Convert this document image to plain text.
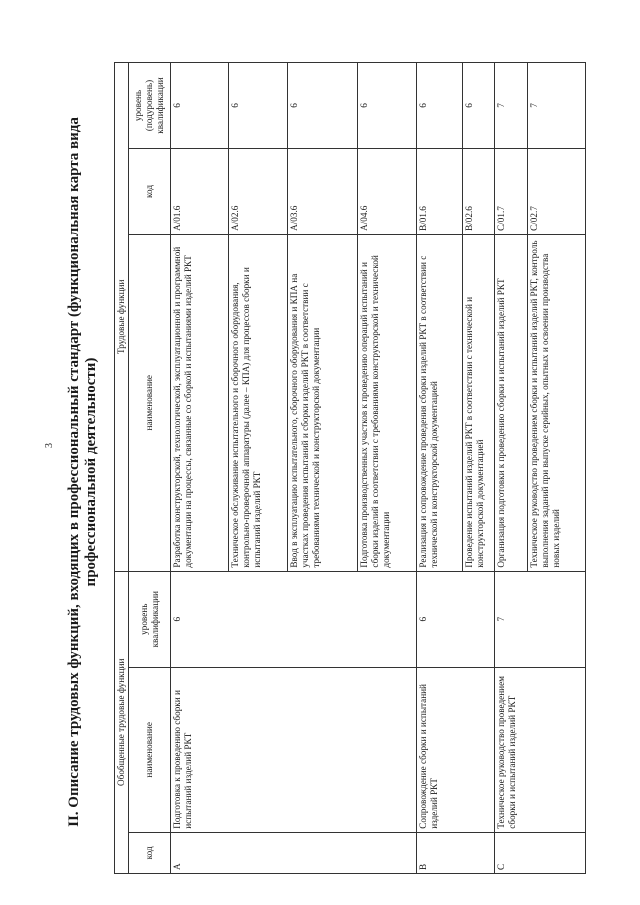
3 II. Описание трудовых функций, входящих в профессиональный стандарт (функциональная карта вида профессиональной деятельности)
Обобщенные трудовые функции			Трудовые функции		
код	наименование	уровень квалификации	наименование	код	уровень (подуровень) квалификации
A	Подготовка к проведению сборки и испытаний изделий РКТ	6	Разработка конструкторской, технологической, эксплуатационной и программной документации на процессы, связанные со сборкой и испытаниями изделий РКТ	A/01.6	6
			Техническое обслуживание испытательного и сборочного оборудования, контрольно-проверочной аппаратуры (далее – КПА) для процессов сборки и испытаний изделий РКТ	A/02.6	6
			Ввод в эксплуатацию испытательного, сборочного оборудования и КПА на участках проведения испытаний и сборки изделий РКТ в соответствии с требованиями технической и конструкторской документации	A/03.6	6
			Подготовка производственных участков к проведению операций испытаний и сборки изделий в соответствии с требованиями конструкторской и технической документации	A/04.6	6
B	Сопровождение сборки и испытаний изделий РКТ	6	Реализация и сопровождение проведения сборки изделий РКТ в соответствии с технической и конструкторской документацией	B/01.6	6
			Проведение испытаний изделий РКТ в соответствии с технической и конструкторской документацией	B/02.6	6
C	Техническое руководство проведением сборки и испытаний изделий РКТ	7	Организация подготовки к проведению сборки и испытаний изделий РКТ	C/01.7	7
			Техническое руководство проведением сборки и испытаний изделий РКТ, контроль выполнения заданий при выпуске серийных, опытных и освоении производства новых изделий	C/02.7	7
